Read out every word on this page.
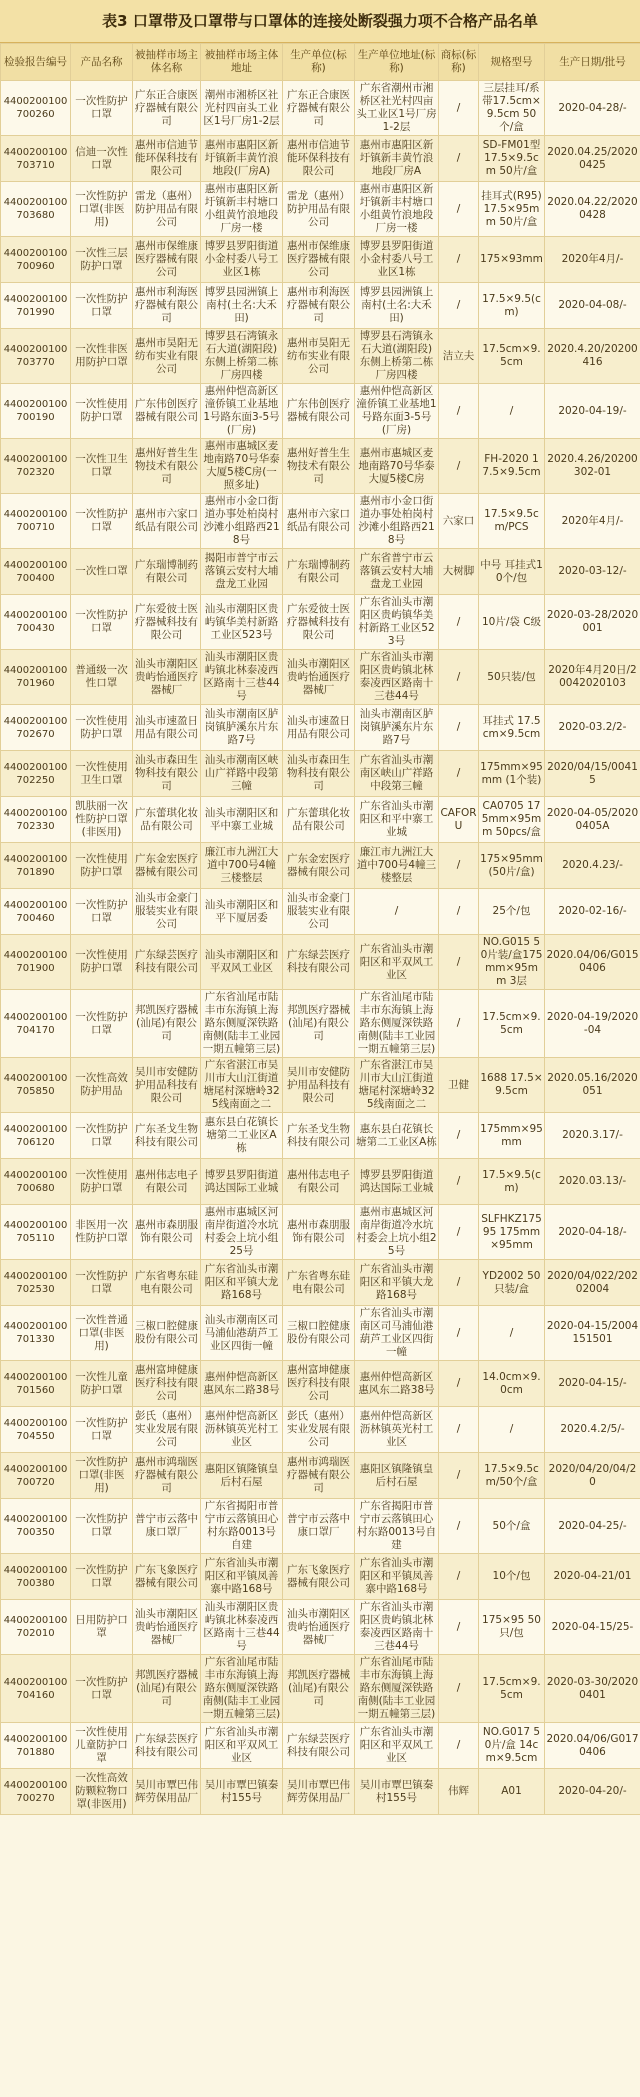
表3 口罩带及口罩带与口罩体的连接处断裂强力项不合格产品名单
检验报告编号	产品名称	被抽样市场主体名称	被抽样市场主体地址	生产单位(标称)	生产单位地址(标称)	商标(标称)	规格型号	生产日期/批号
4400200100700260	一次性防护口罩	广东正合康医疗器械有限公司	潮州市湘桥区社光村四亩头工业区1号厂房1-2层	广东正合康医疗器械有限公司	广东省潮州市湘桥区社光村四亩头工业区1号厂房1-2层	/	三层挂耳/系带17.5cm×9.5cm 50个/盒	2020-04-28/-
4400200100703710	信迪一次性口罩	惠州市信迪节能环保科技有限公司	惠州市惠阳区新圩镇新丰黄竹浪地段(厂房A)	惠州市信迪节能环保科技有限公司	惠州市惠阳区新圩镇新丰黄竹浪地段厂房A	/	SD-FM01型 17.5×9.5cm 50片/盒	2020.04.25/20200425
4400200100703680	一次性防护口罩(非医用)	雷龙（惠州）防护用品有限公司	惠州市惠阳区新圩镇新丰村塘口小组黄竹浪地段厂房一楼	雷龙（惠州）防护用品有限公司	惠州市惠阳区新圩镇新丰村塘口小组黄竹浪地段厂房一楼	/	挂耳式(R95) 17.5×95mm 50片/盒	2020.04.22/20200428
4400200100700960	一次性三层防护口罩	惠州市保维康医疗器械有限公司	博罗县罗阳街道小金村委八号工业区1栋	惠州市保维康医疗器械有限公司	博罗县罗阳街道小金村委八号工业区1栋	/	175×93mm	2020年4月/-
4400200100701990	一次性防护口罩	惠州市利海医疗器械有限公司	博罗县园洲镇上南村(土名:大禾田)	惠州市利海医疗器械有限公司	博罗县园洲镇上南村(土名:大禾田)	/	17.5×9.5(cm)	2020-04-08/-
4400200100703770	一次性非医用防护口罩	惠州市昊阳无纺布实业有限公司	博罗县石湾镇永石大道(湖阳段)东侧上桥第二栋厂房四楼	惠州市昊阳无纺布实业有限公司	博罗县石湾镇永石大道(湖阳段)东侧上桥第二栋厂房四楼	洁立夫	17.5cm×9.5cm	2020.4.20/20200416
4400200100700190	一次性使用防护口罩	广东伟创医疗器械有限公司	惠州仲恺高新区潼侨镇工业基地1号路东面3-5号(厂房)	广东伟创医疗器械有限公司	惠州仲恺高新区潼侨镇工业基地1号路东面3-5号(厂房)	/	/	2020-04-19/-
4400200100702320	一次性卫生口罩	惠州好普生生物技术有限公司	惠州市惠城区麦地南路70号华泰大厦5楼C房(一照多址)	惠州好普生生物技术有限公司	惠州市惠城区麦地南路70号华泰大厦5楼C房	/	FH-2020 17.5×9.5cm	2020.4.26/20200302-01
4400200100700710	一次性防护口罩	惠州市六家口纸品有限公司	惠州市小金口街道办事处柏岗村沙滩小组路西218号	惠州市六家口纸品有限公司	惠州市小金口街道办事处柏岗村沙滩小组路西218号	六家口	17.5×9.5cm/PCS	2020年4月/-
4400200100700400	一次性口罩	广东瑞博制药有限公司	揭阳市普宁市云落镇云安村大埔盘龙工业园	广东瑞博制药有限公司	广东省普宁市云落镇云安村大埔盘龙工业园	大树脚	中号 耳挂式10个/包	2020-03-12/-
4400200100700430	一次性防护口罩	广东爱彼士医疗器械科技有限公司	汕头市潮阳区贵屿镇华美村新路工业区523号	广东爱彼士医疗器械科技有限公司	广东省汕头市潮阳区贵屿镇华美村新路工业区523号	/	10片/袋 C级	2020-03-28/2020001
4400200100701960	普通级一次性口罩	汕头市潮阳区贵屿怡通医疗器械厂	汕头市潮阳区贵屿镇北林泰凌西区路南十三巷44号	汕头市潮阳区贵屿怡通医疗器械厂	广东省汕头市潮阳区贵屿镇北林泰凌西区路南十三巷44号	/	50只装/包	2020年4月20日/20042020103
4400200100702670	一次性使用防护口罩	汕头市速盈日用品有限公司	汕头市潮南区胪岗镇胪溪东片东路7号	汕头市速盈日用品有限公司	汕头市潮南区胪岗镇胪溪东片东路7号	/	耳挂式 17.5cm×9.5cm	2020-03.2/2-
4400200100702250	一次性使用卫生口罩	汕头市森田生物科技有限公司	汕头市潮南区峡山广祥路中段第三幢	汕头市森田生物科技有限公司	广东省汕头市潮南区峡山广祥路中段第三幢	/	175mm×95mm (1个装)	2020/04/15/00415
4400200100702330	凯肤丽一次性防护口罩(非医用)	广东蕾琪化妆品有限公司	汕头市潮阳区和平中寨工业城	广东蕾琪化妆品有限公司	广东省汕头市潮阳区和平中寨工业城	CAFORU	CA0705 175mm×95mm 50pcs/盒	2020-04-05/20200405A
4400200100701890	一次性使用防护口罩	广东金宏医疗器械有限公司	廉江市九洲江大道中700号4幢三楼整层	广东金宏医疗器械有限公司	廉江市九洲江大道中700号4幢三楼整层	/	175×95mm(50片/盒)	2020.4.23/-
4400200100700460	一次性防护口罩	汕头市金豪门服装实业有限公司	汕头市潮阳区和平下厦居委	汕头市金豪门服装实业有限公司	/	/	25个/包	2020-02-16/-
4400200100701900	一次性使用防护口罩	广东绿芸医疗科技有限公司	汕头市潮阳区和平双风工业区	广东绿芸医疗科技有限公司	广东省汕头市潮阳区和平双风工业区	/	NO.G015 50片装/盒175mm×95mm 3层	2020.04/06/G0150406
4400200100704170	一次性防护口罩	邦凯医疗器械(汕尾)有限公司	广东省汕尾市陆丰市东海镇上海路东侧厦深铁路南侧(陆丰工业园一期五幢第三层)	邦凯医疗器械(汕尾)有限公司	广东省汕尾市陆丰市东海镇上海路东侧厦深铁路南侧(陆丰工业园一期五幢第三层)	/	17.5cm×9.5cm	2020-04-19/2020-04
4400200100705850	一次性高效防护用品	吴川市安健防护用品科技有限公司	广东省湛江市吴川市大山江街道塘尾村深塘岭325线南面之二	吴川市安健防护用品科技有限公司	广东省湛江市吴川市大山江街道塘尾村深塘岭325线南面之二	卫健	1688 17.5×9.5cm	2020.05.16/2020051
4400200100706120	一次性防护口罩	广东圣戈生物科技有限公司	惠东县白花镇长塘第二工业区A栋	广东圣戈生物科技有限公司	惠东县白花镇长塘第二工业区A栋	/	175mm×95mm	2020.3.17/-
4400200100700680	一次性使用防护口罩	惠州伟志电子有限公司	博罗县罗阳街道鸿达国际工业城	惠州伟志电子有限公司	博罗县罗阳街道鸿达国际工业城	/	17.5×9.5(cm)	2020.03.13/-
4400200100705110	非医用一次性防护口罩	惠州市森朋服饰有限公司	惠州市惠城区河南岸街道冷水坑村委会上坑小组25号	惠州市森朋服饰有限公司	惠州市惠城区河南岸街道冷水坑村委会上坑小组25号	/	SLFHKZ17595 175mm×95mm	2020-04-18/-
4400200100702530	一次性防护口罩	广东省粤东硅电有限公司	广东省汕头市潮阳区和平镇大龙路168号	广东省粤东硅电有限公司	广东省汕头市潮阳区和平镇大龙路168号	/	YD2002 50只装/盒	2020/04/022/20202004
4400200100701330	一次性普通口罩(非医用)	三椒口腔健康股份有限公司	汕头市潮南区司马浦仙港葫芦工业区四街一幢	三椒口腔健康股份有限公司	广东省汕头市潮南区司马浦仙港葫芦工业区四街一幢	/	/	2020-04-15/2004151501
4400200100701560	一次性儿童防护口罩	惠州富坤健康医疗科技有限公司	惠州仲恺高新区惠风东二路38号	惠州富坤健康医疗科技有限公司	惠州仲恺高新区惠风东二路38号	/	14.0cm×9.0cm	2020-04-15/-
4400200100704550	一次性防护口罩	彭氏（惠州）实业发展有限公司	惠州仲恺高新区沥林镇英光村工业区	彭氏（惠州）实业发展有限公司	惠州仲恺高新区沥林镇英光村工业区	/	/	2020.4.2/5/-
4400200100700720	一次性防护口罩(非医用)	惠州市鸿瑞医疗器械有限公司	惠阳区镇隆镇皇后村石屋	惠州市鸿瑞医疗器械有限公司	惠阳区镇隆镇皇后村石屋	/	17.5×9.5cm/50个/盒	2020/04/20/04/20
4400200100700350	一次性防护口罩	普宁市云落中康口罩厂	广东省揭阳市普宁市云落镇田心村东路0013号自建	普宁市云落中康口罩厂	广东省揭阳市普宁市云落镇田心村东路0013号自建	/	50个/盒	2020-04-25/-
4400200100700380	一次性防护口罩	广东飞象医疗器械有限公司	广东省汕头市潮阳区和平镇凤善寨中路168号	广东飞象医疗器械有限公司	广东省汕头市潮阳区和平镇凤善寨中路168号	/	10个/包	2020-04-21/01
4400200100702010	日用防护口罩	汕头市潮阳区贵屿怡通医疗器械厂	汕头市潮阳区贵屿镇北林泰凌西区路南十三巷44号	汕头市潮阳区贵屿怡通医疗器械厂	广东省汕头市潮阳区贵屿镇北林泰凌西区路南十三巷44号	/	175×95 50只/包	2020-04-15/25-
4400200100704160	一次性防护口罩	邦凯医疗器械(汕尾)有限公司	广东省汕尾市陆丰市东海镇上海路东侧厦深铁路南侧(陆丰工业园一期五幢第三层)	邦凯医疗器械(汕尾)有限公司	广东省汕尾市陆丰市东海镇上海路东侧厦深铁路南侧(陆丰工业园一期五幢第三层)	/	17.5cm×9.5cm	2020-03-30/20200401
4400200100701880	一次性使用儿童防护口罩	广东绿芸医疗科技有限公司	广东省汕头市潮阳区和平双风工业区	广东绿芸医疗科技有限公司	广东省汕头市潮阳区和平双风工业区	/	NO.G017 50片/盒 14cm×9.5cm	2020.04/06/G0170406
4400200100700270	一次性高效防颗粒物口罩(非医用)	吴川市覃巴伟辉劳保用品厂	吴川市覃巴镇秦村155号	吴川市覃巴伟辉劳保用品厂	吴川市覃巴镇秦村155号	伟辉	A01	2020-04-20/-
